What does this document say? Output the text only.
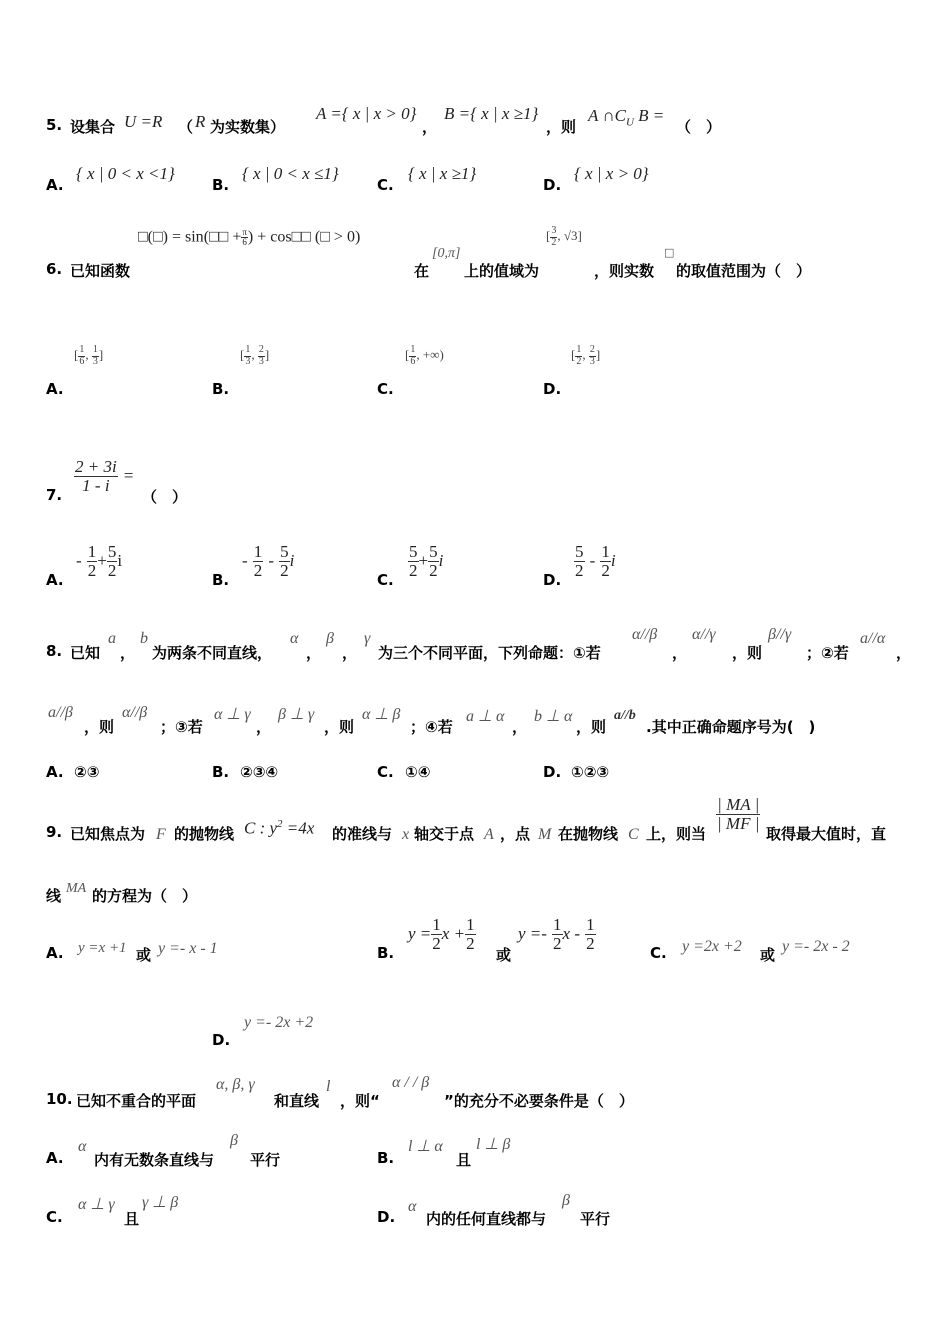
5. 设集合 U =R （ R 为实数集）
A ={ x | x > 0}
，
B ={ x | x ≥1}
，则
A $\cap C_U$ B =
（　）
A.
{ x | 0 < x <1}
B.
{ x | 0 < x ≤1}
C.
{ x | x ≥1}
D.
{ x | x > 0}
□(□) = sin(□□ + $\frac{\pi}{6}$ ) + cos□□ (□ > 0)
6. 已知函数	在
[0,π]
上的值域为
[ $\frac{3}{2}$ , √3]
，则实数
□
的取值范围为（　）
A.
[ $\frac{1}{6}$ , $\frac{1}{3}$ ]
B.
[ $\frac{1}{3}$ , $\frac{2}{3}$ ]
C.
[ $\frac{1}{6}$ , +∞)
D.
[ $\frac{1}{2}$ , $\frac{2}{3}$ ]
7.
$\frac{2 + 3i}{1 - i}$ =
（　）
A.
- $\frac{1}{2} + \frac{5}{2}$ i
B.
- $\frac{1}{2} - \frac{5}{2}$ i
C.
$\frac{5}{2} + \frac{5}{2}$ i
D.
$\frac{5}{2} - \frac{1}{2}$ i
8. 已知
a
，
b
为两条不同直线，
α
，
β
，
γ
为三个不同平面，下列命题：①若
α//β
，
α//γ
，则
β//γ
；②若
a//α
，
a//β
，则
α//β
；③若
α ⊥ γ
，
β ⊥ γ
，则
α ⊥ β
；④若
a ⊥ α
，
b ⊥ α
，则
a//b
.其中正确命题序号为(　)
A. ②③	B. ②③④	C. ①④	D. ①②③
9. 已知焦点为 F 的抛物线 C : $y^2 =4x$ 的准线与 x 轴交于点 A ，点 M 在抛物线 C 上，则当
$\frac{| MA |}{| MF |}$
取得最大值时，直
线 MA 的方程为（　）
A. y =x +1 或 y =- x - 1	B.
$y = \frac{1}{2}$ $x + \frac{1}{2}$
或
$y =- \frac{1}{2}$ x - $\frac{1}{2}$
C. y =2x +2 或 y =- 2x - 2
D.
y =- 2x +2
10. 已知不重合的平面
α, β, γ
和直线
l
，则“
α / / β
”的充分不必要条件是（　）
A.
α
内有无数条直线与
β
平行	B.
l ⊥ α
且
l ⊥ β
C.
α ⊥ γ
且
γ ⊥ β
D.
α
内的任何直线都与
β
平行
